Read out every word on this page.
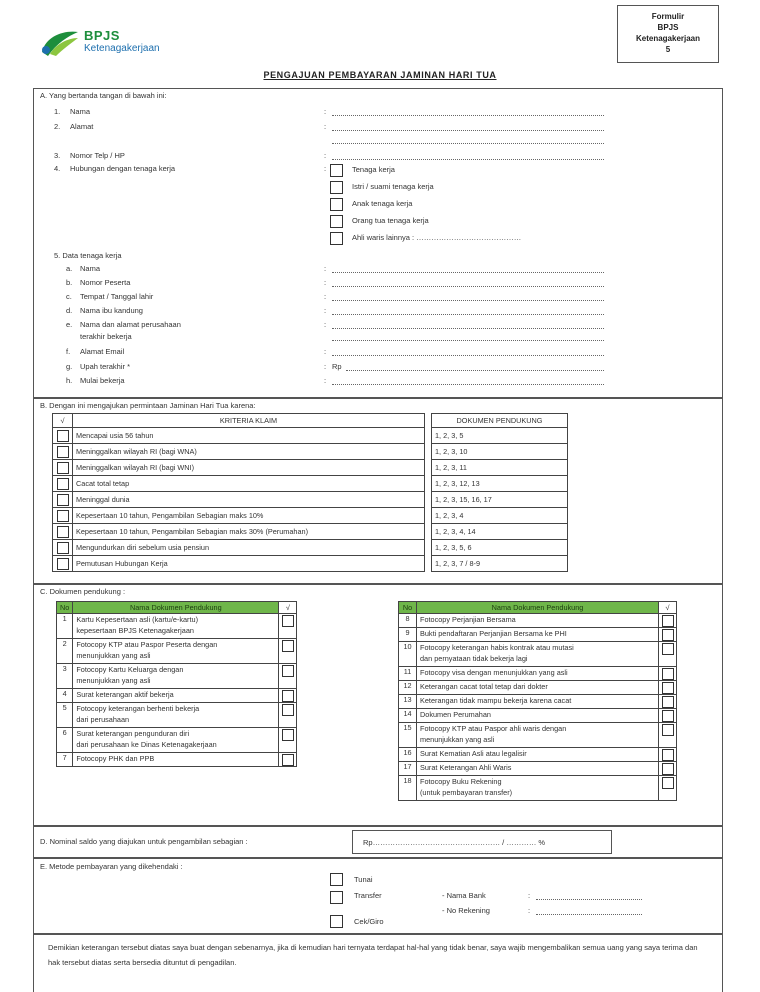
BPJS
Ketenagakerjaan
Formulir
BPJS
Ketenagakerjaan
5
PENGAJUAN PEMBAYARAN JAMINAN HARI TUA
A. Yang bertanda tangan di bawah ini:
1. Nama	:
2. Alamat	:
3. Nomor Telp / HP	:
4. Hubungan dengan tenaga kerja	:	Tenaga kerja
Istri / suami tenaga kerja
Anak tenaga kerja
Orang tua tenaga kerja
Ahli waris lainnya : ……………………………………
5. Data tenaga kerja
a. Nama	:
b. Nomor Peserta	:
c. Tempat / Tanggal lahir	:
d. Nama ibu kandung	:
e. Nama dan alamat perusahaan
terakhir bekerja
:
f. Alamat Email	:
g. Upah terakhir *	: Rp
h. Mulai bekerja	:
B. Dengan ini mengajukan permintaan Jaminan Hari Tua karena:
√	KRITERIA KLAIM		DOKUMEN PENDUKUNG

	Mencapai usia 56 tahun		1, 2, 3, 5

	Meninggalkan wilayah RI (bagi WNA)		1, 2, 3, 10

	Meninggalkan wilayah RI (bagi WNI)		1, 2, 3, 11

	Cacat total tetap		1, 2, 3, 12, 13

	Meninggal dunia		1, 2, 3, 15, 16, 17

	Kepesertaan 10 tahun, Pengambilan Sebagian maks 10%		1, 2, 3, 4

	Kepesertaan 10 tahun, Pengambilan Sebagian maks 30% (Perumahan)		1, 2, 3, 4, 14

	Mengundurkan diri sebelum usia pensiun		1, 2, 3, 5, 6

	Pemutusan Hubungan Kerja		1, 2, 3, 7 / 8-9
C. Dokumen pendukung :
No	Nama Dokumen Pendukung	√
1	Kartu Kepesertaan asli (kartu/e-kartu)
kepesertaan BPJS Ketenagakerjaan	

2	Fotocopy KTP atau Paspor Peserta dengan
menunjukkan yang asli	

3	Fotocopy Kartu Keluarga dengan
menunjukkan yang asli	

4	Surat keterangan aktif bekerja	

5	Fotocopy keterangan berhenti bekerja
dari perusahaan	

6	Surat keterangan pengunduran diri
dari perusahaan ke Dinas Ketenagakerjaan	

7	Fotocopy PHK dan PPB	

No	Nama Dokumen Pendukung	√
8	Fotocopy Perjanjian Bersama	

9	Bukti pendaftaran Perjanjian Bersama ke PHI	

10	Fotocopy keterangan habis kontrak atau mutasi
dan pernyataan tidak bekerja lagi	

11	Fotocopy visa dengan menunjukkan yang asli	

12	Keterangan cacat total tetap dari dokter	

13	Keterangan tidak mampu bekerja karena cacat	

14	Dokumen Perumahan	

15	Fotocopy KTP atau Paspor ahli waris dengan
menunjukkan yang asli	

16	Surat Kematian Asli atau legalisir	

17	Surat Keterangan Ahli Waris	

18	Fotocopy Buku Rekening
(untuk pembayaran transfer)	

D. Nominal saldo yang diajukan untuk pengambilan sebagian :	Rp…………………………………………… / ………… %
E. Metode pembayaran yang dikehendaki :
Tunai
Transfer	- Nama Bank	:
- No Rekening	:
Cek/Giro
Demikian keterangan tersebut diatas saya buat dengan sebenarnya, jika di kemudian hari ternyata terdapat hal-hal yang tidak benar, saya wajib mengembalikan semua uang yang saya terima dan hak tersebut diatas serta bersedia dituntut di pengadilan.
